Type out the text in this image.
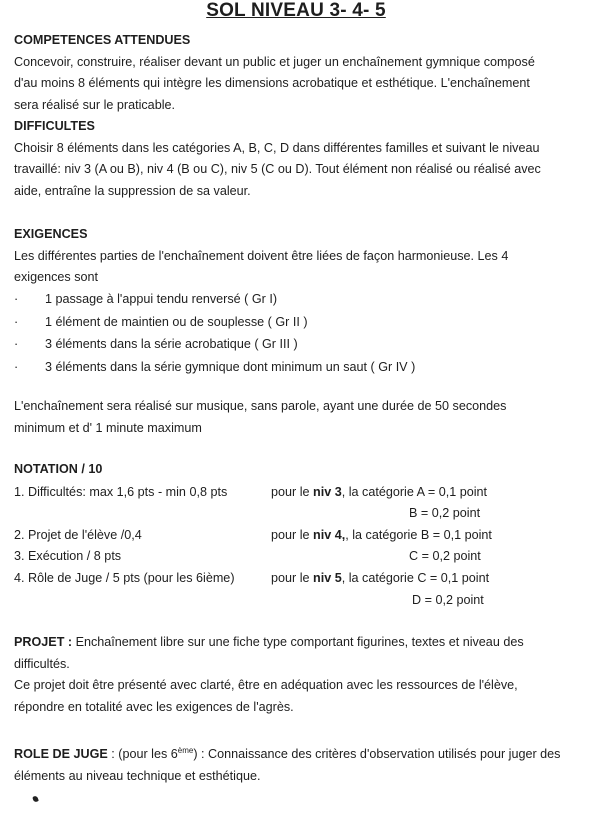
SOL NIVEAU 3- 4- 5
COMPETENCES ATTENDUES
Concevoir, construire, réaliser devant un public et juger un enchaînement gymnique composé
d'au moins 8 éléments qui intègre les dimensions acrobatique et esthétique. L'enchaînement
sera réalisé sur le praticable.
DIFFICULTES
Choisir 8 éléments dans les catégories A, B, C, D dans différentes familles et suivant le niveau
travaillé: niv 3 (A ou B), niv 4 (B ou C), niv 5 (C ou D). Tout élément non réalisé ou réalisé avec
aide, entraîne la suppression de sa valeur.
EXIGENCES
Les différentes parties de l'enchaînement doivent être liées de façon harmonieuse. Les 4
exigences sont
· 1 passage à l'appui tendu renversé ( Gr I)
· 1 élément de maintien ou de souplesse ( Gr II )
· 3 éléments dans la série acrobatique ( Gr III )
· 3 éléments dans la série gymnique dont minimum un saut ( Gr IV )
L'enchaînement sera réalisé sur musique, sans parole, ayant une durée de 50 secondes
minimum et d' 1 minute maximum
NOTATION / 10
1. Difficultés: max 1,6 pts - min 0,8 pts	pour le niv 3, la catégorie A = 0,1 point
B = 0,2 point
2. Projet de l'élève /0,4	pour le niv 4,, la catégorie B = 0,1 point
3. Exécution / 8 pts	C = 0,2 point
4. Rôle de Juge / 5 pts (pour les 6ième)	pour le niv 5, la catégorie C = 0,1 point
D = 0,2 point
PROJET : Enchaînement libre sur une fiche type comportant figurines, textes et niveau des
difficultés.
Ce projet doit être présenté avec clarté, être en adéquation avec les ressources de l'élève,
répondre en totalité avec les exigences de l'agrès.
ROLE DE JUGE : (pour les 6ème) : Connaissance des critères d'observation utilisés pour juger des
éléments au niveau technique et esthétique.
